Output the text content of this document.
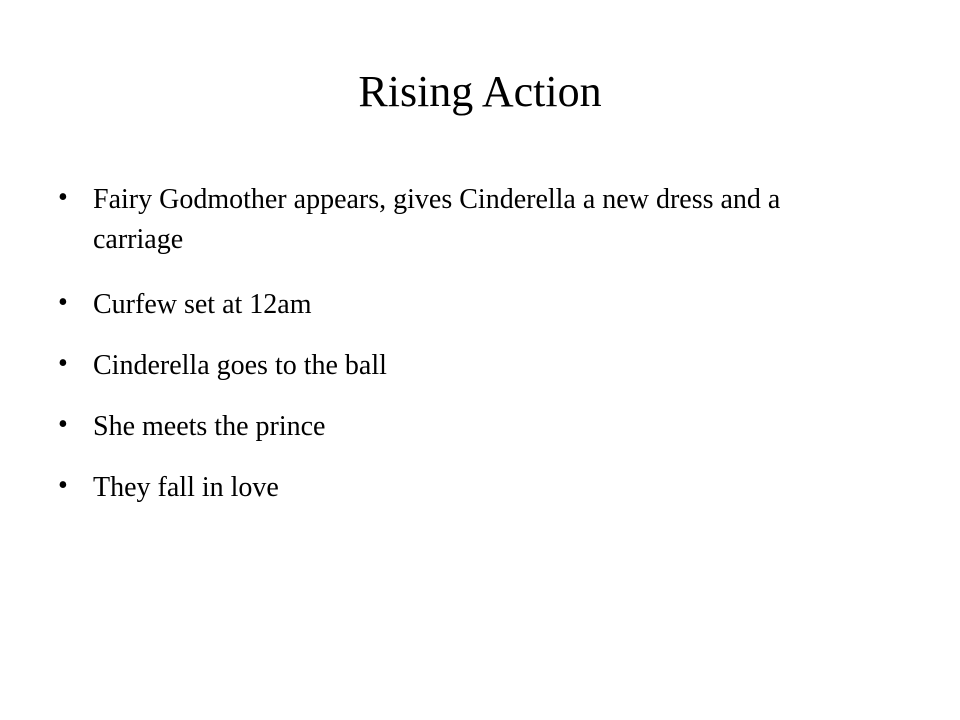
Rising Action
• Fairy Godmother appears, gives Cinderella a new dress and a carriage
• Curfew set at 12am
• Cinderella goes to the ball
• She meets the prince
• They fall in love
